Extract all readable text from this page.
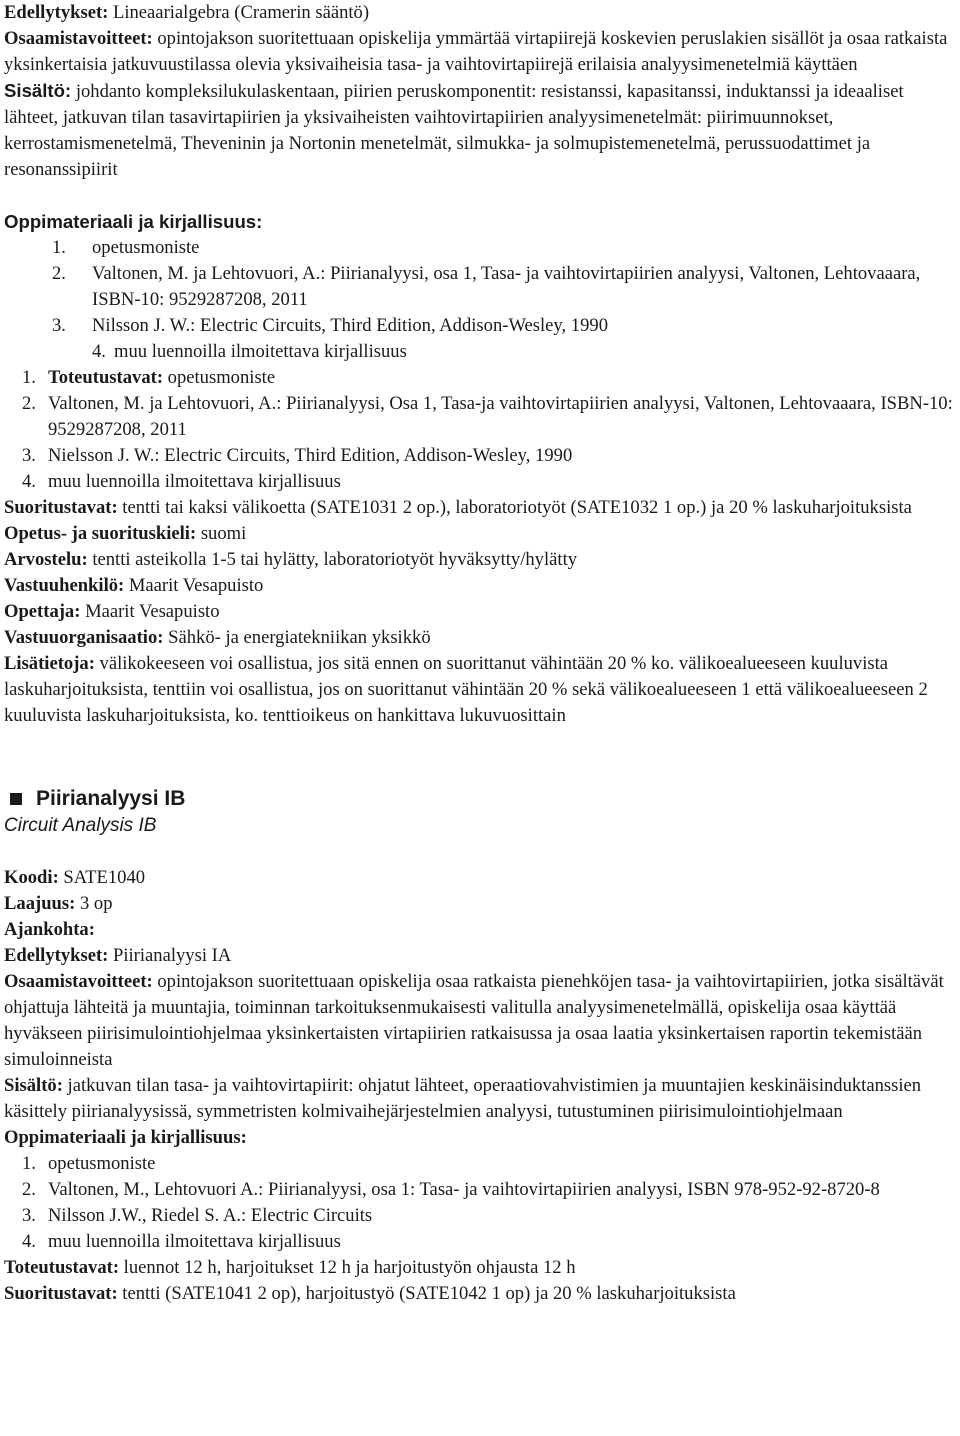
Edellytykset: Lineaarialgebra (Cramerin sääntö)

Osaamistavoitteet: opintojakson suoritettuaan opiskelija ymmärtää virtapiirejä koskevien peruslakien sisällöt ja osaa ratkaista yksinkertaisia jatkuvuustilassa olevia yksivaiheisia tasa- ja vaihtovirtapiirejä erilaisia analyysimenetelmiä käyttäen

Sisältö: johdanto kompleksilukulaskentaan, piirien peruskomponentit: resistanssi, kapasitanssi, induktanssi ja ideaaliset lähteet, jatkuvan tilan tasavirtapiirien ja yksivaiheisten vaihtovirtapiirien analyysimenetelmät: piirimuunnokset, kerrostamismenetelmä, Theveninin ja Nortonin menetelmät, silmukka- ja solmupistemenetelmä, perussuodattimet ja resonanssipiirit

Oppimateriaali ja kirjallisuus:

1. opetusmoniste
2. Valtonen, M. ja Lehtovuori, A.: Piirianalyysi, osa 1, Tasa- ja vaihtovirtapiirien analyysi, Valtonen, Lehtovaaara, ISBN-10: 9529287208, 2011
3. Nilsson J. W.: Electric Circuits, Third Edition, Addison-Wesley, 1990
4. muu luennoilla ilmoitettava kirjallisuus
1. Toteutustavat: opetusmoniste
2. Valtonen, M. ja Lehtovuori, A.: Piirianalyysi, Osa 1, Tasa-ja vaihtovirtapiirien analyysi, Valtonen, Lehtovaaara, ISBN-10: 9529287208, 2011
3. Nielsson J. W.: Electric Circuits, Third Edition, Addison-Wesley, 1990
4. muu luennoilla ilmoitettava kirjallisuus

Suoritustavat: tentti tai kaksi välikoetta (SATE1031 2 op.), laboratoriotyöt (SATE1032 1 op.) ja 20 % laskuharjoituksista

Opetus- ja suorituskieli: suomi

Arvostelu: tentti asteikolla 1-5 tai hylätty, laboratoriotyöt hyväksytty/hylätty

Vastuuhenkilö: Maarit Vesapuisto

Opettaja: Maarit Vesapuisto

Vastuuorganisaatio: Sähkö- ja energiatekniikan yksikkö

Lisätietoja: välikokeeseen voi osallistua, jos sitä ennen on suorittanut vähintään 20 % ko. välikoealueeseen kuuluvista laskuharjoituksista, tenttiin voi osallistua, jos on suorittanut vähintään 20 % sekä välikoealueeseen 1 että välikoealueeseen 2 kuuluvista laskuharjoituksista, ko. tenttioikeus on hankittava lukuvuosittain

Piirianalyysi IB

Circuit Analysis IB

Koodi: SATE1040

Laajuus: 3 op

Ajankohta:

Edellytykset: Piirianalyysi IA

Osaamistavoitteet: opintojakson suoritettuaan opiskelija osaa ratkaista pienehköjen tasa- ja vaihtovirtapiirien, jotka sisältävät ohjattuja lähteitä ja muuntajia, toiminnan tarkoituksenmukaisesti valitulla analyysimenetelmällä, opiskelija osaa käyttää hyväkseen piirisimulointiohjelmaa yksinkertaisten virtapiirien ratkaisussa ja osaa laatia yksinkertaisen raportin tekemistään simuloinneista

Sisältö: jatkuvan tilan tasa- ja vaihtovirtapiirit: ohjatut lähteet, operaatiovahvistimien ja muuntajien keskinäisinduktanssien käsittely piirianalyysissä, symmetristen kolmivaihejärjestelmien analyysi, tutustuminen piirisimulointiohjelmaan

Oppimateriaali ja kirjallisuus:

1. opetusmoniste
2. Valtonen, M., Lehtovuori A.: Piirianalyysi, osa 1: Tasa- ja vaihtovirtapiirien analyysi, ISBN 978-952-92-8720-8
3. Nilsson J.W., Riedel S. A.: Electric Circuits
4. muu luennoilla ilmoitettava kirjallisuus

Toteutustavat: luennot 12 h, harjoitukset 12 h ja harjoitustyön ohjausta 12 h

Suoritustavat: tentti (SATE1041 2 op), harjoitustyö (SATE1042 1 op) ja 20 % laskuharjoituksista
